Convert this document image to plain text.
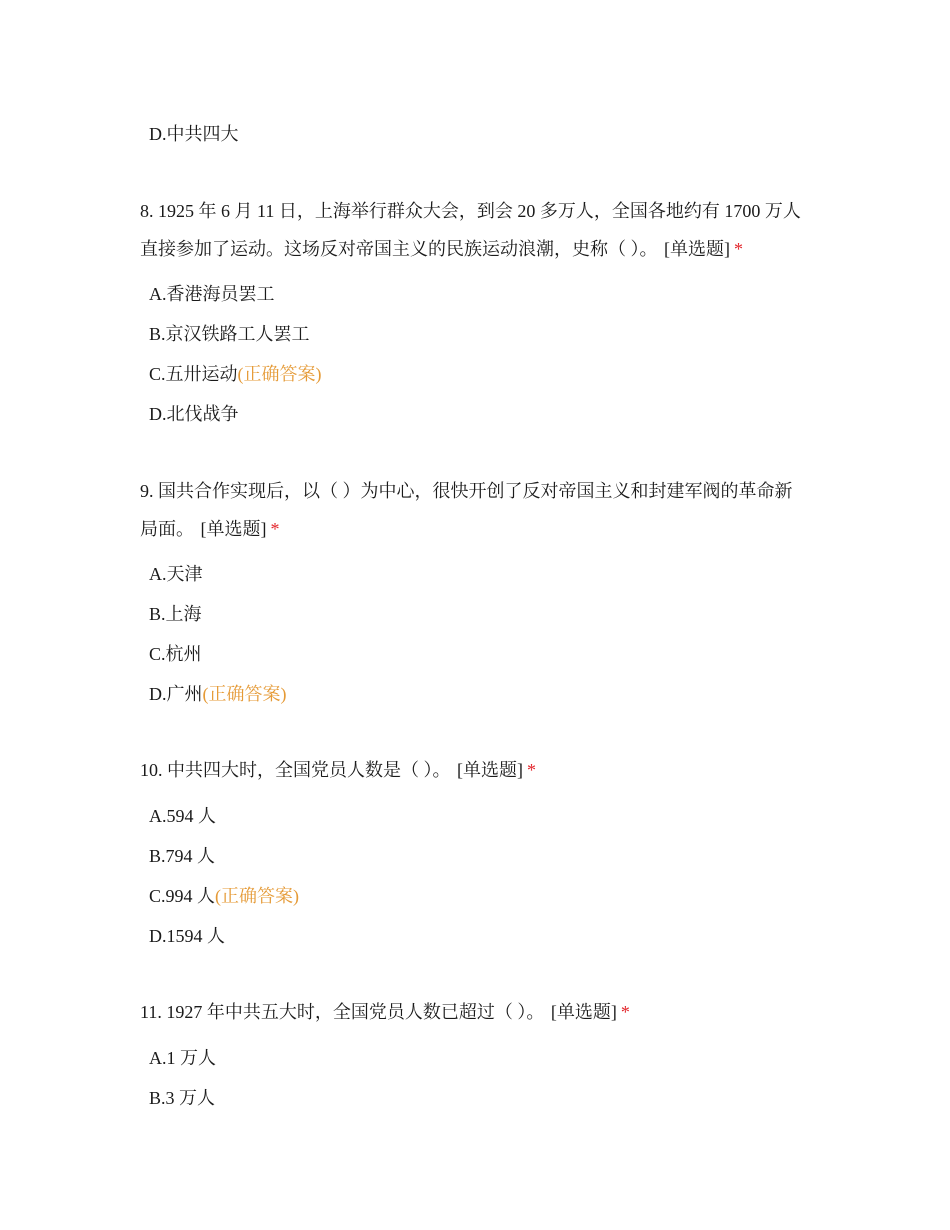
D.中共四大

8. 1925 年 6 月 11 日，上海举行群众大会，到会 20 多万人，全国各地约有 1700 万人直接参加了运动。这场反对帝国主义的民族运动浪潮，史称（ ）。 [单选题] *

A.香港海员罢工
B.京汉铁路工人罢工
C.五卅运动(正确答案)
D.北伐战争

9. 国共合作实现后，以（ ）为中心，很快开创了反对帝国主义和封建军阀的革命新局面。 [单选题] *

A.天津
B.上海
C.杭州
D.广州(正确答案)

10. 中共四大时，全国党员人数是（ ）。 [单选题] *

A.594 人
B.794 人
C.994 人(正确答案)
D.1594 人

11. 1927 年中共五大时，全国党员人数已超过（ ）。 [单选题] *

A.1 万人
B.3 万人
